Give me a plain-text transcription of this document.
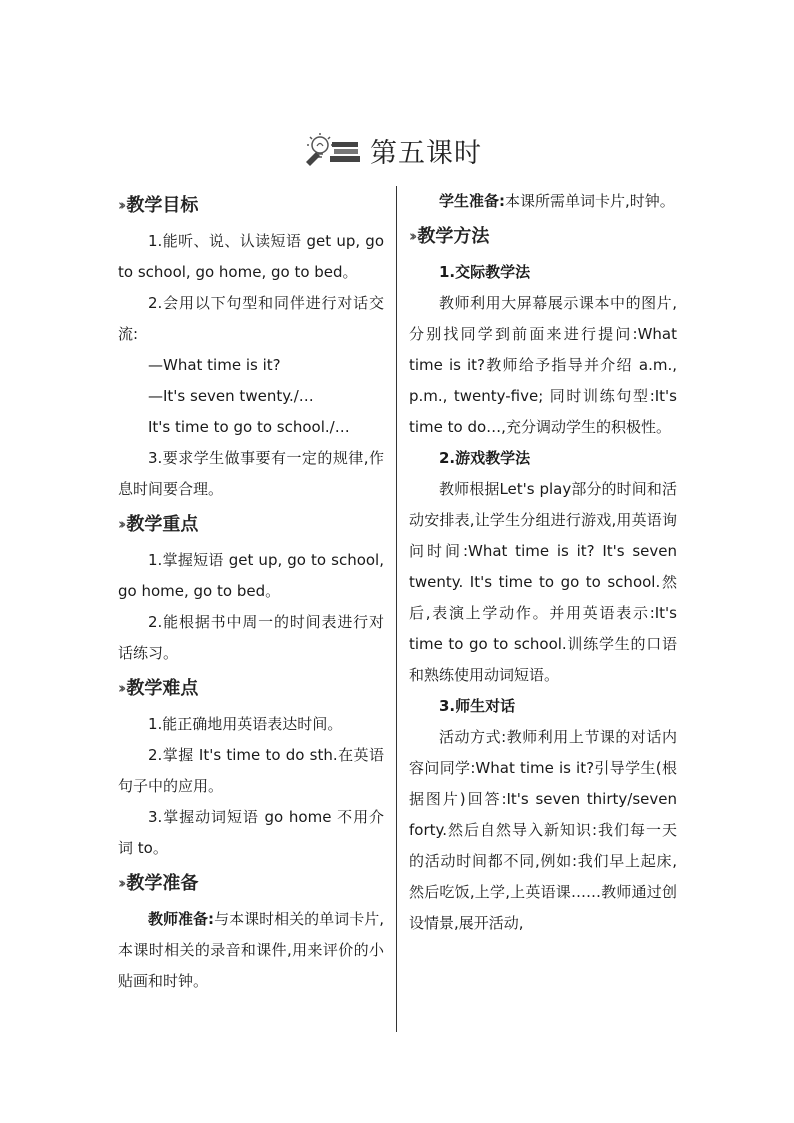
第五课时
›› 教学目标

1.能听、说、认读短语 get up, go to school, go home, go to bed。

2.会用以下句型和同伴进行对话交流:

—What time is it?

—It's seven twenty./…

It's time to go to school./…

3.要求学生做事要有一定的规律,作息时间要合理。

›› 教学重点

1.掌握短语 get up, go to school, go home, go to bed。

2.能根据书中周一的时间表进行对话练习。

›› 教学难点

1.能正确地用英语表达时间。

2.掌握 It's time to do sth.在英语句子中的应用。

3.掌握动词短语 go home 不用介词 to。

›› 教学准备

教师准备:与本课时相关的单词卡片,本课时相关的录音和课件,用来评价的小贴画和时钟。

学生准备:本课所需单词卡片,时钟。

›› 教学方法

1.交际教学法

教师利用大屏幕展示课本中的图片,分别找同学到前面来进行提问:What time is it?教师给予指导并介绍 a.m., p.m., twenty-five; 同时训练句型:It's time to do…,充分调动学生的积极性。

2.游戏教学法

教师根据Let's play部分的时间和活动安排表,让学生分组进行游戏,用英语询问时间:What time is it? It's seven twenty. It's time to go to school.然后,表演上学动作。并用英语表示:It's time to go to school.训练学生的口语和熟练使用动词短语。

3.师生对话

活动方式:教师利用上节课的对话内容问同学:What time is it?引导学生(根据图片)回答:It's seven thirty/seven forty.然后自然导入新知识:我们每一天的活动时间都不同,例如:我们早上起床,然后吃饭,上学,上英语课……教师通过创设情景,展开活动,
